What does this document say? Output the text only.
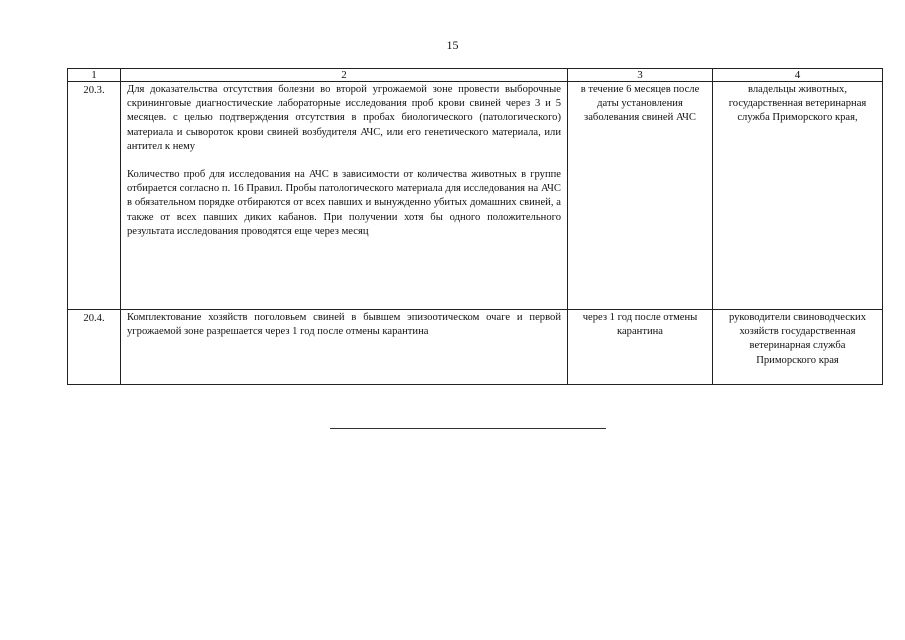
15
1	2	3	4
20.3.	Для доказательства отсутствия болезни во второй угрожаемой зоне провести выборочные скрининговые диагностические лабораторные исследования проб крови свиней через 3 и 5 месяцев. с целью подтверждения отсутствия в пробах биологического (патологического) материала и сывороток крови свиней возбудителя АЧС, или его генетического материала, или антител к нему

Количество проб для исследования на АЧС в зависимости от количества животных в группе отбирается согласно п. 16 Правил. Пробы патологического материала для исследования на АЧС в обязательном порядке отбираются от всех павших и вынужденно убитых домашних свиней, а также от всех павших диких кабанов. При получении хотя бы одного положительного результата исследования проводятся еще через месяц	в течение 6 месяцев после даты установления заболевания свиней АЧС	владельцы животных, государственная ветеринарная служба Приморского края,
20.4.	Комплектование хозяйств поголовьем свиней в бывшем эпизоотическом очаге и первой угрожаемой зоне разрешается через 1 год после отмены карантина	через 1 год после отмены карантина	руководители свиноводческих хозяйств государственная ветеринарная служба Приморского края
